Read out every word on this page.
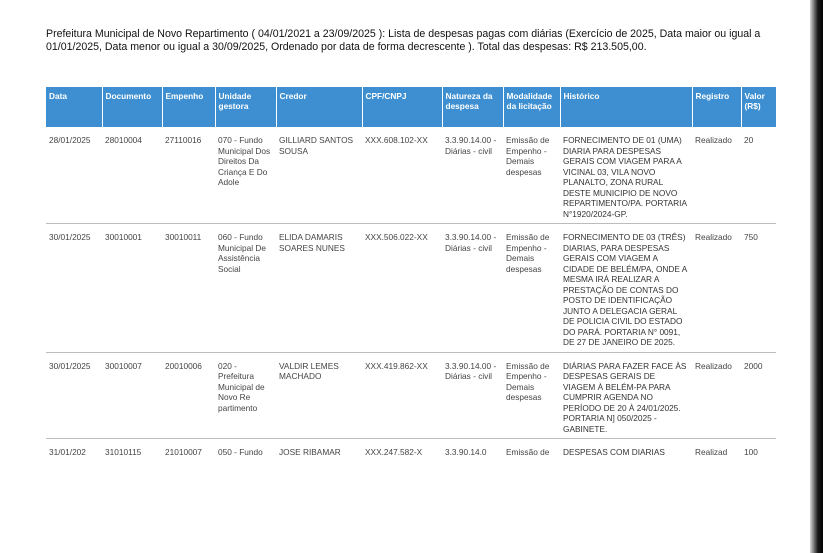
Prefeitura Municipal de Novo Repartimento ( 04/01/2021 a 23/09/2025 ): Lista de despesas pagas com diárias (Exercício de 2025, Data maior ou igual a 01/01/2025, Data menor ou igual a 30/09/2025, Ordenado por data de forma decrescente ). Total das despesas: R$ 213.505,00.
Data	Documento	Empenho	Unidade gestora	Credor	CPF/CNPJ	Natureza da despesa	Modalidade da licitação	Histórico	Registro	Valor (R$)

28/01/2025	28010004	27110016	070 - Fundo Municipal Dos Direitos Da Criança E Do Adole	GILLIARD SANTOS SOUSA	XXX.608.102-XX	3.3.90.14.00 - Diárias - civil	Emissão de Empenho - Demais despesas	FORNECIMENTO DE 01 (UMA) DIARIA PARA DESPESAS GERAIS COM VIAGEM PARA A VICINAL 03, VILA NOVO PLANALTO, ZONA RURAL DESTE MUNICIPIO DE NOVO REPARTIMENTO/PA. PORTARIA N°1920/2024-GP.	Realizado	20
30/01/2025	30010001	30010011	060 - Fundo Municipal De Assistência Social	ELIDA DAMARIS SOARES NUNES	XXX.506.022-XX	3.3.90.14.00 - Diárias - civil	Emissão de Empenho - Demais despesas	FORNECIMENTO DE 03 (TRÊS) DIARIAS, PARA DESPESAS GERAIS COM VIAGEM A CIDADE DE BELÉM/PA, ONDE A MESMA IRÁ REALIZAR A PRESTAÇÃO DE CONTAS DO POSTO DE IDENTIFICAÇÃO JUNTO A DELEGACIA GERAL DE POLICIA CIVIL DO ESTADO DO PARÁ. PORTARIA N° 0091, DE 27 DE JANEIRO DE 2025.	Realizado	750
30/01/2025	30010007	20010006	020 - Prefeitura Municipal de Novo Re partimento	VALDIR LEMES MACHADO	XXX.419.862-XX	3.3.90.14.00 - Diárias - civil	Emissão de Empenho - Demais despesas	DIÁRIAS PARA FAZER FACE ÀS DESPESAS GERAIS DE VIAGEM À BELÉM-PA PARA CUMPRIR AGENDA NO PERÍODO DE 20 À 24/01/2025. PORTARIA N] 050/2025 - GABINETE.	Realizado	2000
31/01/202	31010115	21010007	050 - Fundo	JOSE RIBAMAR	XXX.247.582-X	3.3.90.14.0	Emissão de	DESPESAS COM DIARIAS	Realizad	100
